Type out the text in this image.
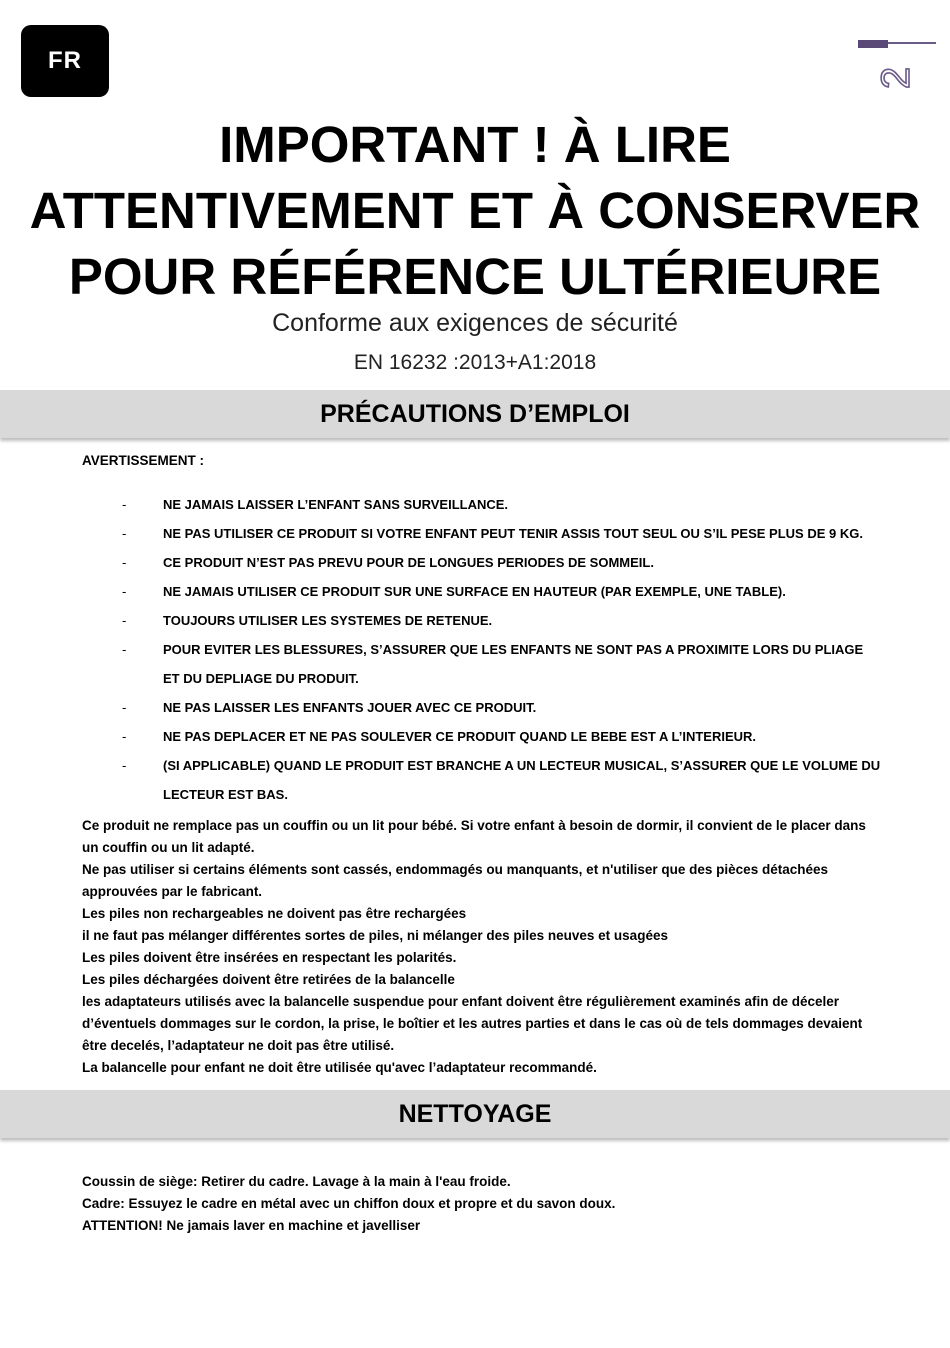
FR
2
IMPORTANT ! À LIRE
ATTENTIVEMENT ET À CONSERVER
POUR RÉFÉRENCE ULTÉRIEURE
Conforme aux exigences de sécurité
EN 16232 :2013+A1:2018
PRÉCAUTIONS D’EMPLOI
AVERTISSEMENT :
-	NE JAMAIS LAISSER L’ENFANT SANS SURVEILLANCE.
-	NE PAS UTILISER CE PRODUIT SI VOTRE ENFANT PEUT TENIR ASSIS TOUT SEUL OU S’IL PESE PLUS DE 9 KG.
-	CE PRODUIT N’EST PAS PREVU POUR DE LONGUES PERIODES DE SOMMEIL.
-	NE JAMAIS UTILISER CE PRODUIT SUR UNE SURFACE EN HAUTEUR (PAR EXEMPLE, UNE TABLE).
-	TOUJOURS UTILISER LES SYSTEMES DE RETENUE.
-	POUR EVITER LES BLESSURES, S’ASSURER QUE LES ENFANTS NE SONT PAS A PROXIMITE LORS DU PLIAGE ET DU DEPLIAGE DU PRODUIT.
-	NE PAS LAISSER LES ENFANTS JOUER AVEC CE PRODUIT.
-	NE PAS DEPLACER ET NE PAS SOULEVER CE PRODUIT QUAND LE BEBE EST A L’INTERIEUR.
-	(SI APPLICABLE) QUAND LE PRODUIT EST BRANCHE A UN LECTEUR MUSICAL, S’ASSURER QUE LE VOLUME DU LECTEUR EST BAS.

Ce produit ne remplace pas un couffin ou un lit pour bébé. Si votre enfant à besoin de dormir, il convient de le placer dans un couffin ou un lit adapté.

Ne pas utiliser si certains éléments sont cassés, endommagés ou manquants, et n'utiliser que des pièces détachées approuvées par le fabricant.

Les piles non rechargeables ne doivent pas être rechargées

il ne faut pas mélanger différentes sortes de piles, ni mélanger des piles neuves et usagées

Les piles doivent être insérées en respectant les polarités.

Les piles déchargées doivent être retirées de la balancelle

les adaptateurs utilisés avec la balancelle suspendue pour enfant doivent être régulièrement examinés afin de déceler d’éventuels dommages sur le cordon, la prise, le boîtier et les autres parties et dans le cas où de tels dommages devaient être decelés, l’adaptateur ne doit pas être utilisé.

La balancelle pour enfant ne doit être utilisée qu'avec l’adaptateur recommandé.

NETTOYAGE

Coussin de siège: Retirer du cadre. Lavage à la main à l'eau froide.

Cadre: Essuyez le cadre en métal avec un chiffon doux et propre et du savon doux.

ATTENTION! Ne jamais laver en machine et javelliser
